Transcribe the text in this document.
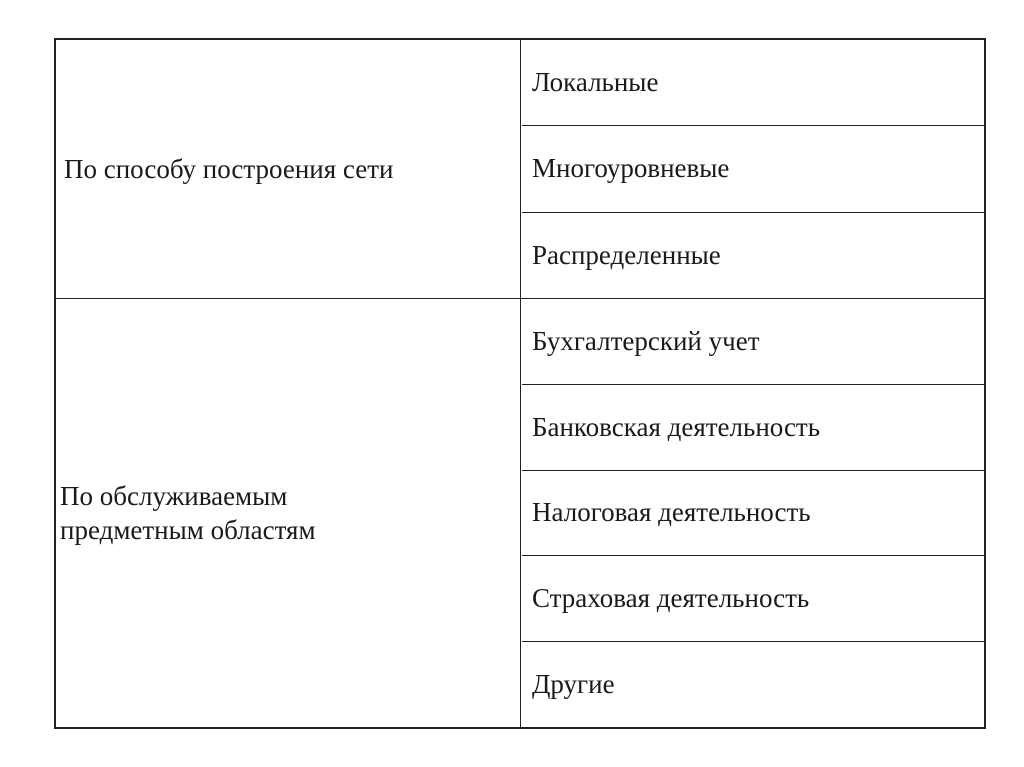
По способу построения сети
Локальные
Многоуровневые
Распределенные
По обслуживаемым
предметным областям
Бухгалтерский учет
Банковская деятельность
Налоговая деятельность
Страховая деятельность
Другие
